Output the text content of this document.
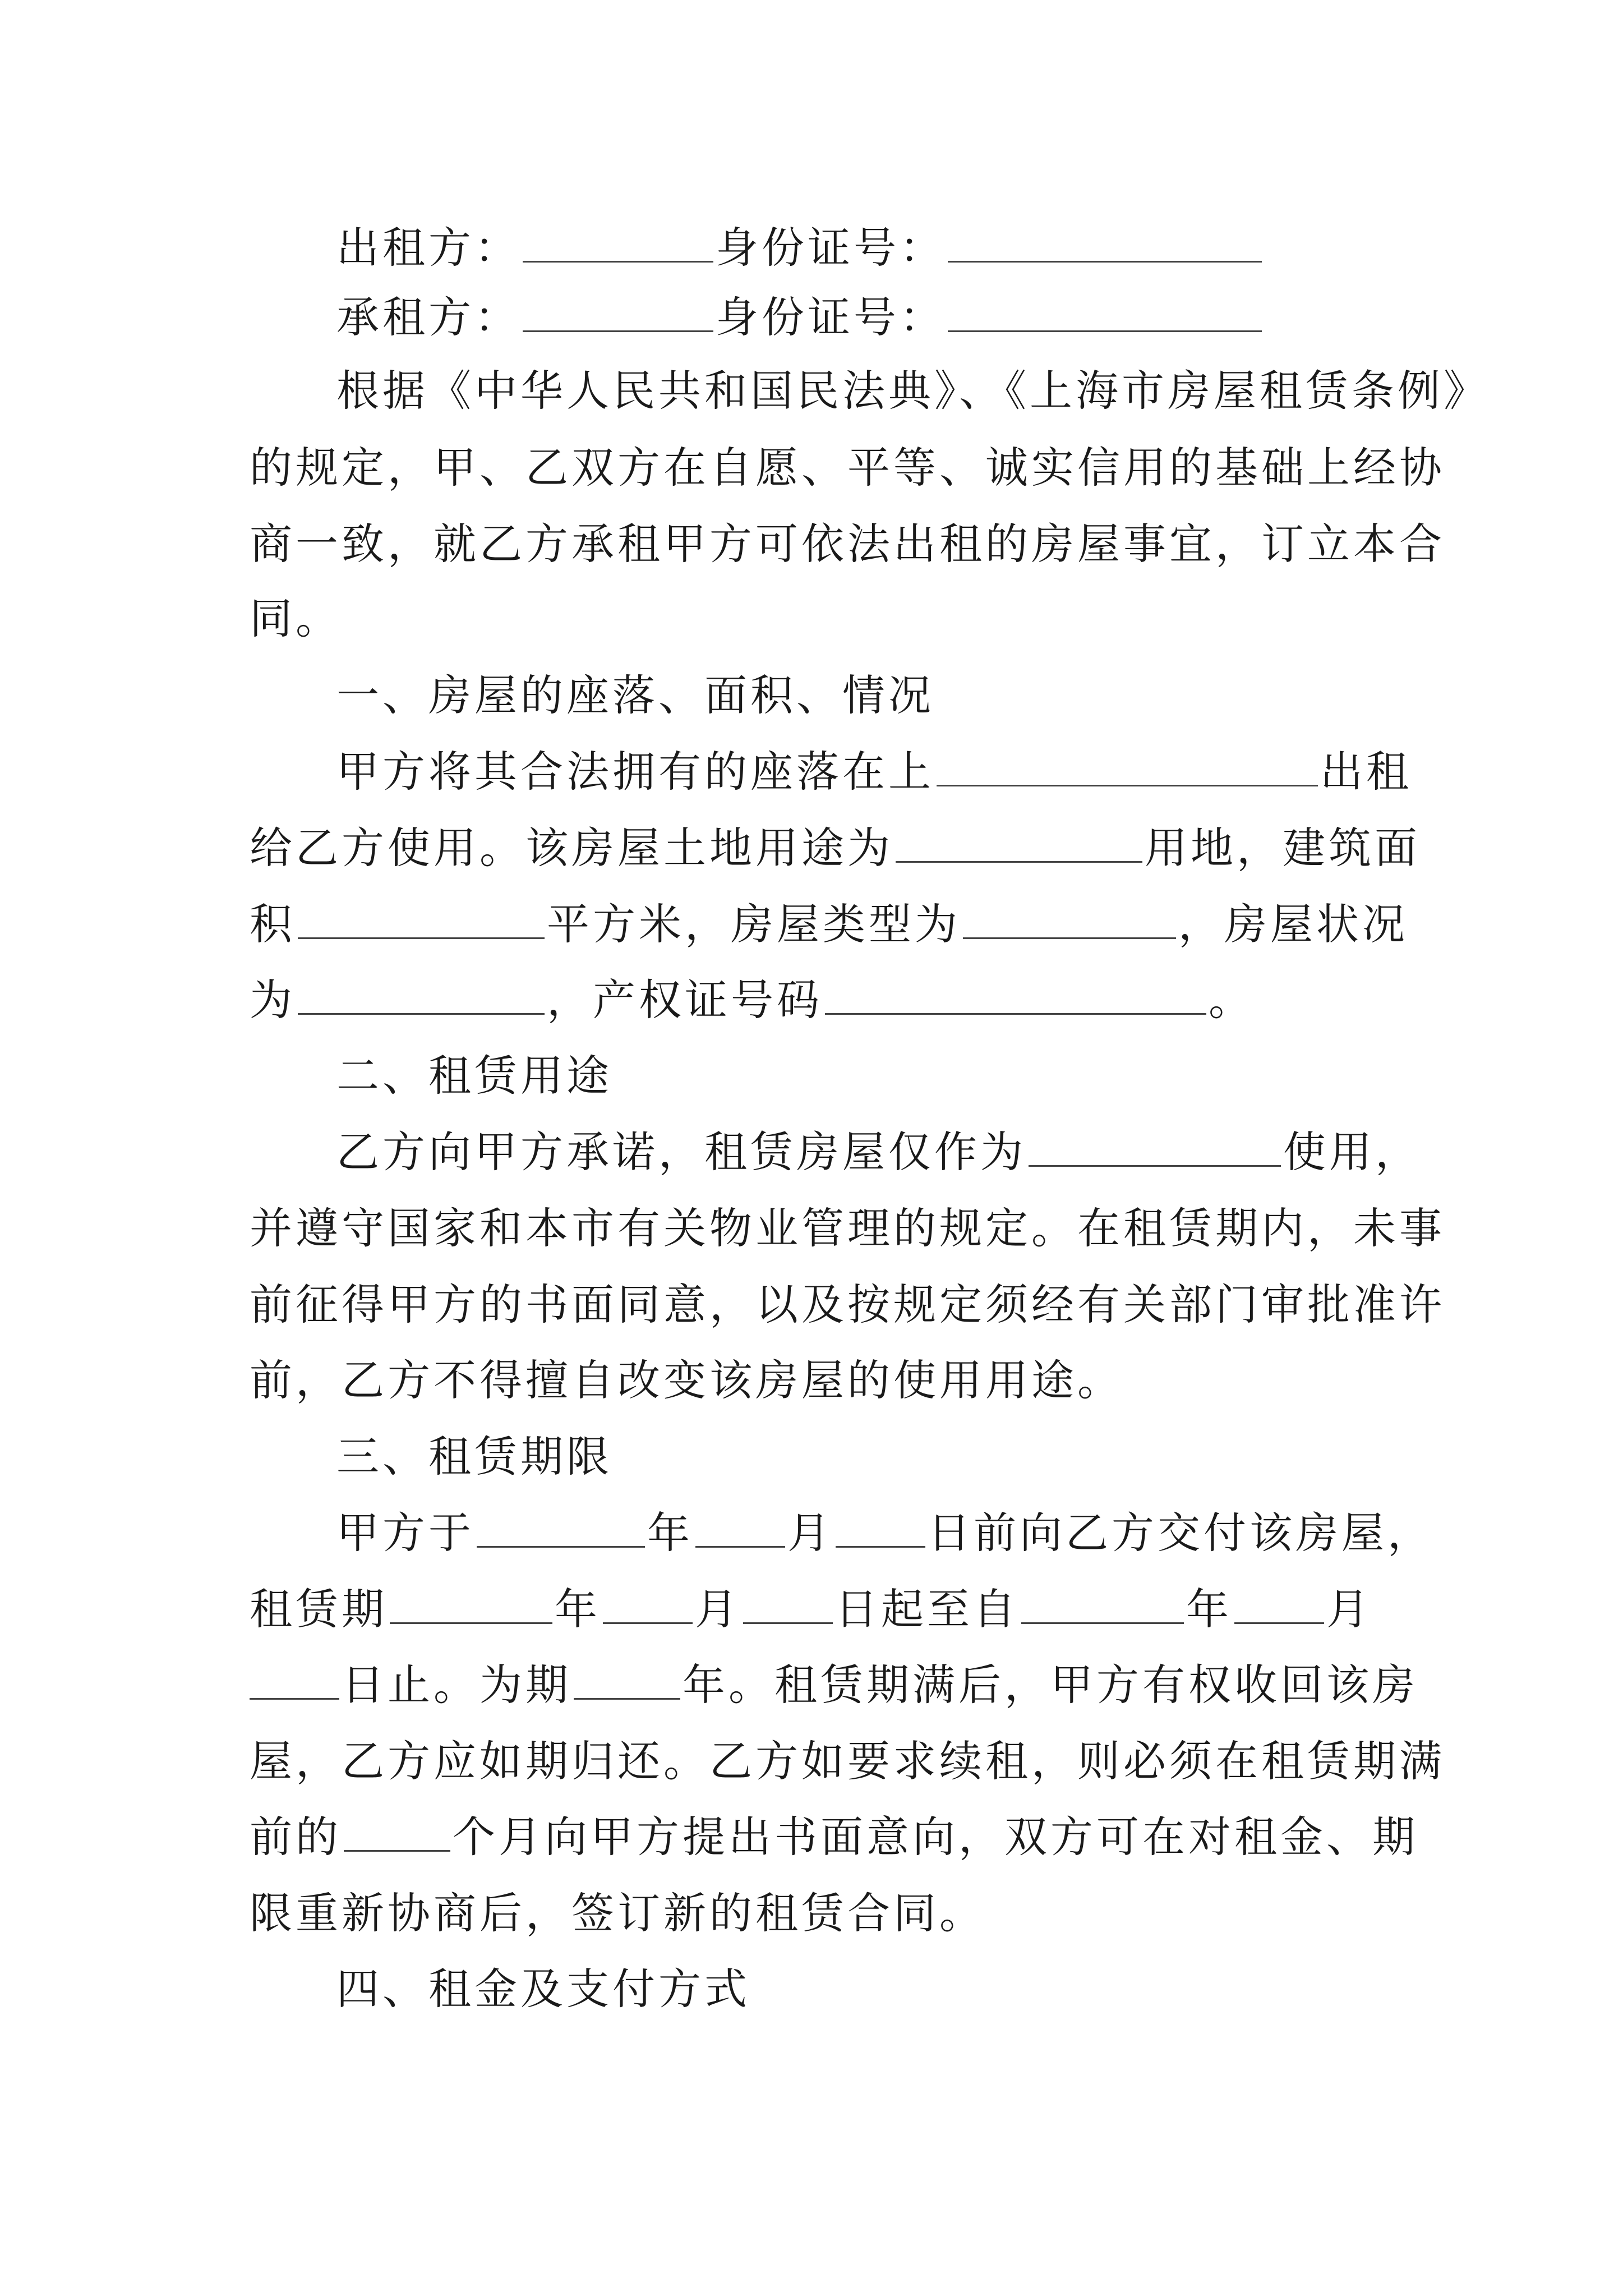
出租方：	身份证号：
承租方：	身份证号：
根据《中华人民共和国民法典》、《上海市房屋租赁条例》
的规定，甲、乙双方在自愿、平等、诚实信用的基础上经协
商一致，就乙方承租甲方可依法出租的房屋事宜，订立本合
同。
一、房屋的座落、面积、情况
甲方将其合法拥有的座落在上	出租
给乙方使用。该房屋土地用途为	用地，建筑面
积	平方米，房屋类型为	，房屋状况
为	，产权证号码	。
二、租赁用途
乙方向甲方承诺，租赁房屋仅作为	使用，
并遵守国家和本市有关物业管理的规定。在租赁期内，未事
前征得甲方的书面同意，以及按规定须经有关部门审批准许
前，乙方不得擅自改变该房屋的使用用途。
三、租赁期限
甲方于	年 月 日前向乙方交付该房屋，
租赁期	年 月 日起至自	年 月
日止。为期	年。租赁期满后，甲方有权收回该房
屋，乙方应如期归还。乙方如要求续租，则必须在租赁期满
前的	个月向甲方提出书面意向，双方可在对租金、期
限重新协商后，签订新的租赁合同。
四、租金及支付方式
